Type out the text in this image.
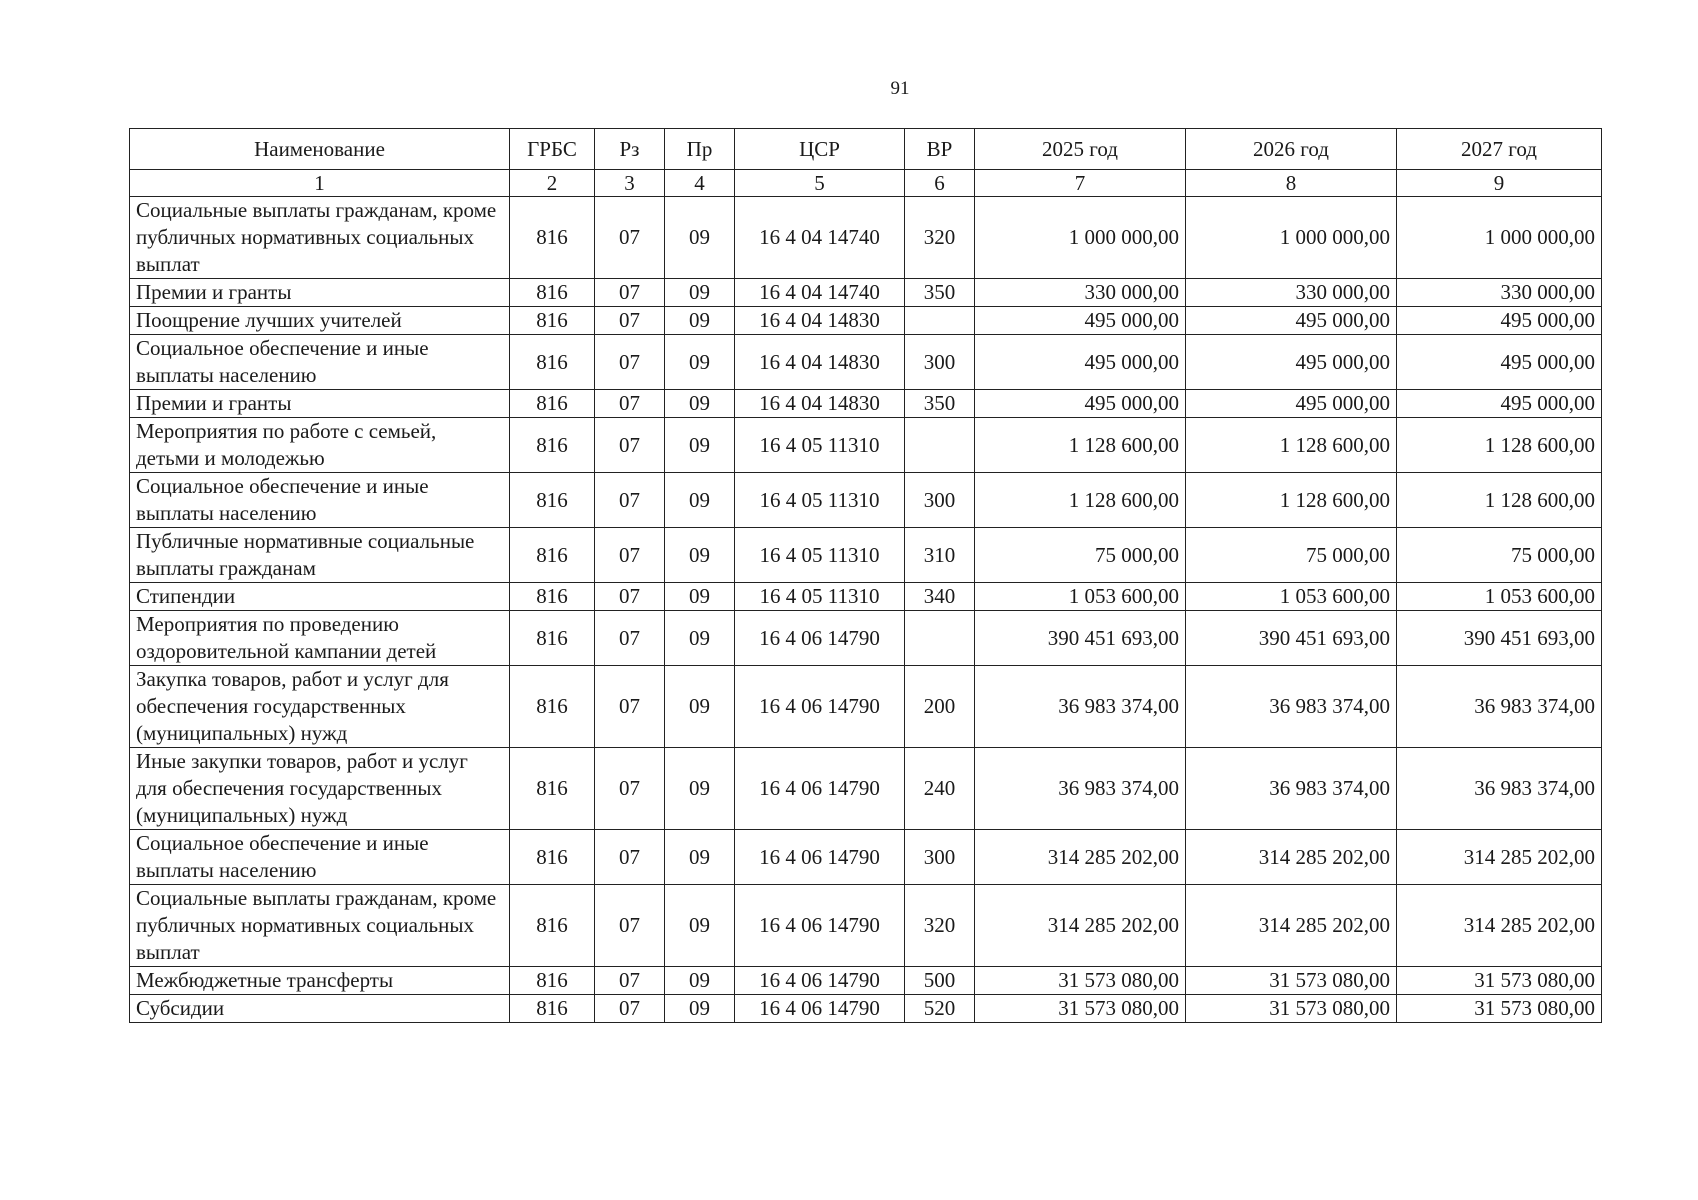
91
Наименование	ГРБС	Рз	Пр	ЦСР	ВР	2025 год	2026 год	2027 год
1	2	3	4	5	6	7	8	9
Социальные выплаты гражданам, кроме публичных нормативных социальных выплат	816	07	09	16 4 04 14740	320	1 000 000,00	1 000 000,00	1 000 000,00
Премии и гранты	816	07	09	16 4 04 14740	350	330 000,00	330 000,00	330 000,00
Поощрение лучших учителей	816	07	09	16 4 04 14830		495 000,00	495 000,00	495 000,00
Социальное обеспечение и иные выплаты населению	816	07	09	16 4 04 14830	300	495 000,00	495 000,00	495 000,00
Премии и гранты	816	07	09	16 4 04 14830	350	495 000,00	495 000,00	495 000,00
Мероприятия по работе с семьей, детьми и молодежью	816	07	09	16 4 05 11310		1 128 600,00	1 128 600,00	1 128 600,00
Социальное обеспечение и иные выплаты населению	816	07	09	16 4 05 11310	300	1 128 600,00	1 128 600,00	1 128 600,00
Публичные нормативные социальные выплаты гражданам	816	07	09	16 4 05 11310	310	75 000,00	75 000,00	75 000,00
Стипендии	816	07	09	16 4 05 11310	340	1 053 600,00	1 053 600,00	1 053 600,00
Мероприятия по проведению оздоровительной кампании детей	816	07	09	16 4 06 14790		390 451 693,00	390 451 693,00	390 451 693,00
Закупка товаров, работ и услуг для обеспечения государственных (муниципальных) нужд	816	07	09	16 4 06 14790	200	36 983 374,00	36 983 374,00	36 983 374,00
Иные закупки товаров, работ и услуг для обеспечения государственных (муниципальных) нужд	816	07	09	16 4 06 14790	240	36 983 374,00	36 983 374,00	36 983 374,00
Социальное обеспечение и иные выплаты населению	816	07	09	16 4 06 14790	300	314 285 202,00	314 285 202,00	314 285 202,00
Социальные выплаты гражданам, кроме публичных нормативных социальных выплат	816	07	09	16 4 06 14790	320	314 285 202,00	314 285 202,00	314 285 202,00
Межбюджетные трансферты	816	07	09	16 4 06 14790	500	31 573 080,00	31 573 080,00	31 573 080,00
Субсидии	816	07	09	16 4 06 14790	520	31 573 080,00	31 573 080,00	31 573 080,00
